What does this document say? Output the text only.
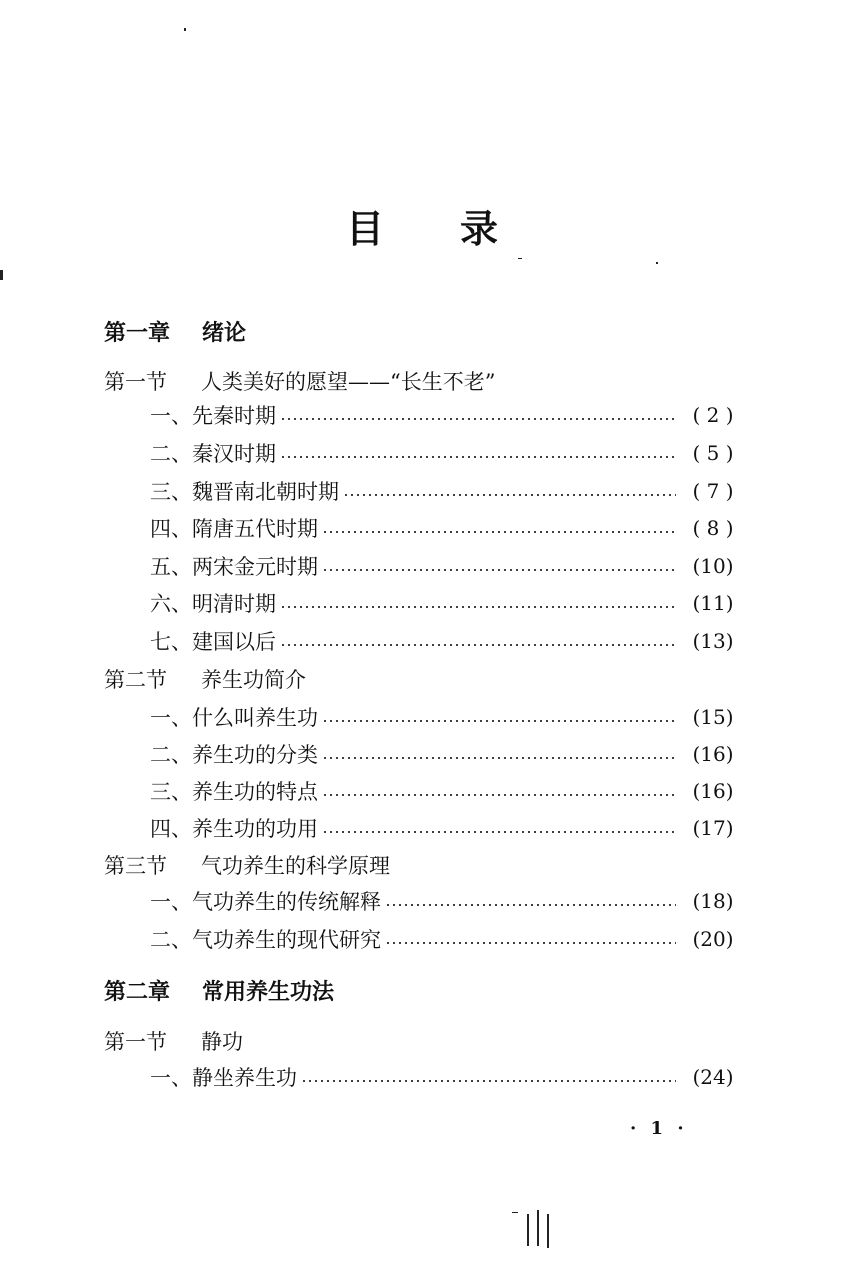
目 录
第一章 绪论
第一节 人类美好的愿望——“长生不老”
一、 先秦时期	( 2 )
二、 秦汉时期	( 5 )
三、 魏晋南北朝时期	( 7 )
四、 隋唐五代时期	( 8 )
五、 两宋金元时期	(10)
六、 明清时期	(11)
七、 建国以后	(13)
第二节 养生功简介
一、 什么叫养生功	(15)
二、 养生功的分类	(16)
三、 养生功的特点	(16)
四、 养生功的功用	(17)
第三节 气功养生的科学原理
一、 气功养生的传统解释	(18)
二、 气功养生的现代研究	(20)
第二章 常用养生功法
第一节 静功
一、 静坐养生功	(24)
· 1 ·
